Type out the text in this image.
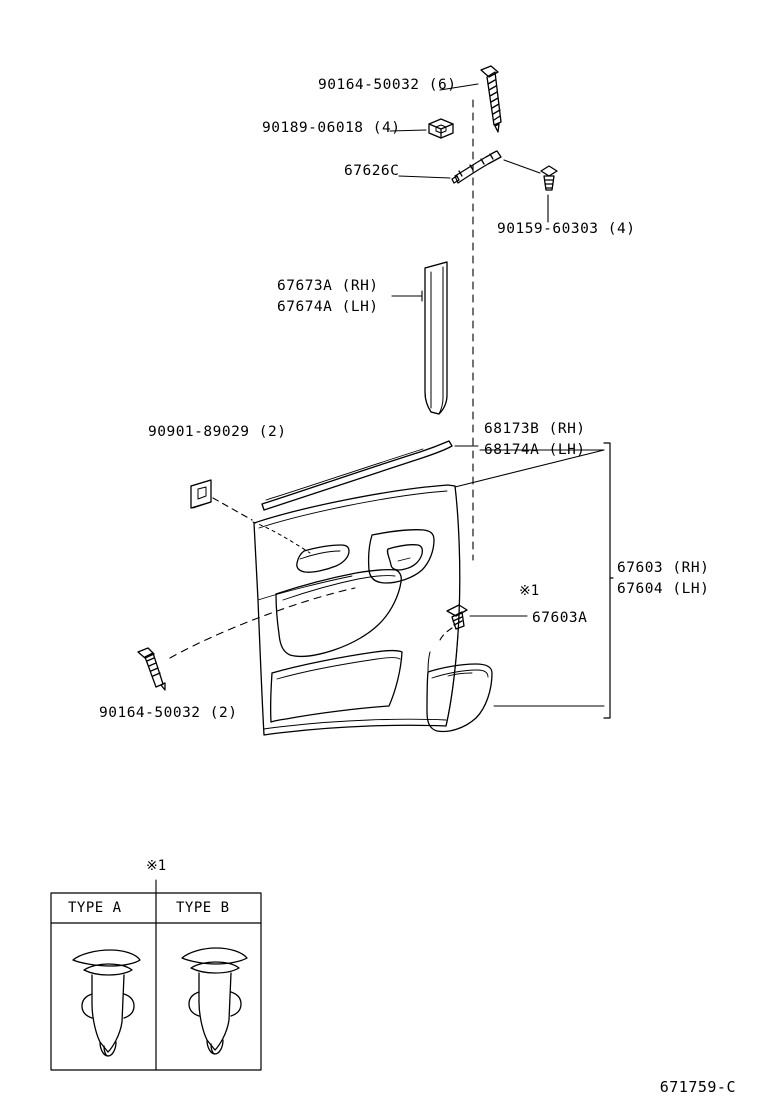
90164-50032 (6)
90189-06018 (4)
67626C
90159-60303 (4)
67673A (RH)
67674A (LH)
90901-89029 (2)	68173B (RH)
68174A (LH)
67603 (RH)
67604 (LH)
※1
67603A
90164-50032 (2)
※1
TYPE A	TYPE B
671759-C
